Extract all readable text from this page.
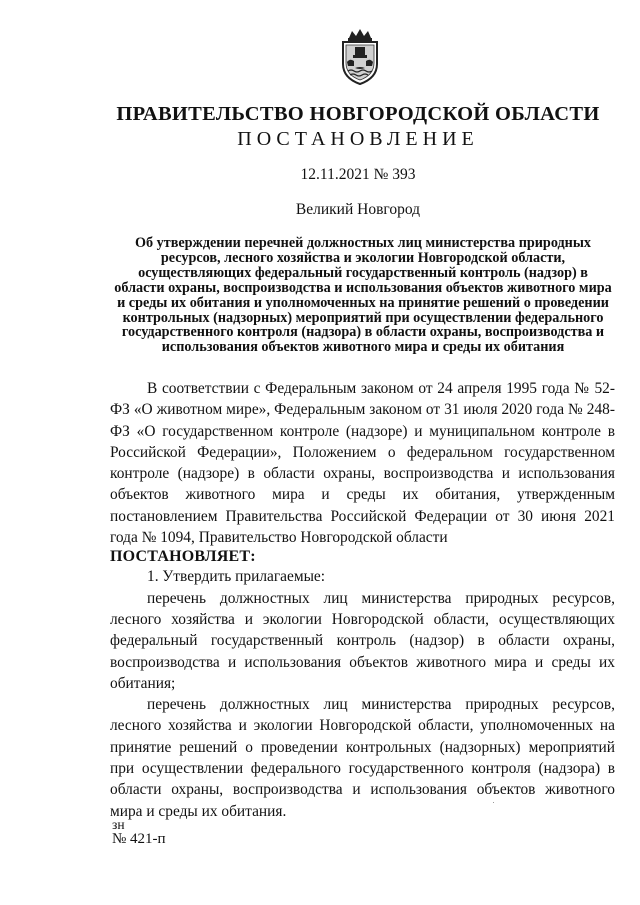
ПРАВИТЕЛЬСТВО НОВГОРОДСКОЙ ОБЛАСТИ
ПОСТАНОВЛЕНИЕ
12.11.2021 № 393
Великий Новгород
Об утверждении перечней должностных лиц министерства природных ресурсов, лесного хозяйства и экологии Новгородской области, осуществляющих федеральный государственный контроль (надзор) в области охраны, воспроизводства и использования объектов животного мира и среды их обитания и уполномоченных на принятие решений о проведении контрольных (надзорных) мероприятий при осуществлении федерального государственного контроля (надзора) в области охраны, воспроизводства и использования объектов животного мира и среды их обитания

В соответствии с Федеральным законом от 24 апреля 1995 года № 52-ФЗ «О животном мире», Федеральным законом от 31 июля 2020 года № 248-ФЗ «О государственном контроле (надзоре) и муниципальном контроле в Российской Федерации», Положением о федеральном государственном контроле (надзоре) в области охраны, воспроизводства и использования объектов животного мира и среды их обитания, утвержденным постановлением Правительства Российской Федерации от 30 июня 2021 года № 1094, Правительство Новгородской области

ПОСТАНОВЛЯЕТ:

1. Утвердить прилагаемые:

перечень должностных лиц министерства природных ресурсов, лесного хозяйства и экологии Новгородской области, осуществляющих федеральный государственный контроль (надзор) в области охраны, воспроизводства и использования объектов животного мира и среды их обитания;

перечень должностных лиц министерства природных ресурсов, лесного хозяйства и экологии Новгородской области, уполномоченных на принятие решений о проведении контрольных (надзорных) мероприятий при осуществлении федерального государственного контроля (надзора) в области охраны, воспроизводства и использования объектов животного мира и среды их обитания.

зн
№ 421-п
